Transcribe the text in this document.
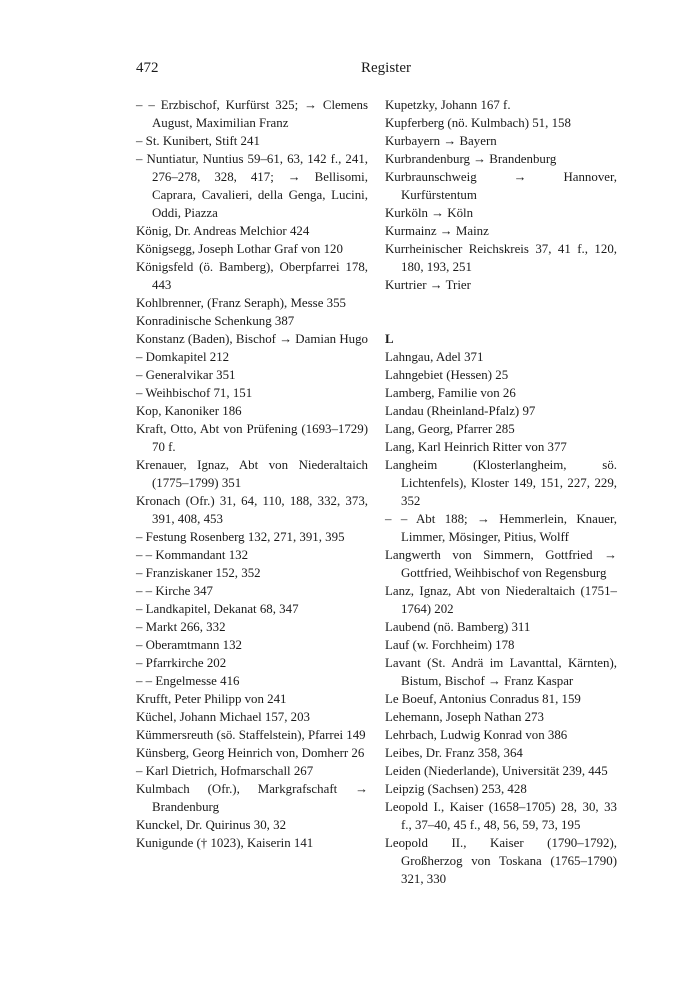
472	Register

– – Erzbischof, Kurfürst 325; → Clemens August, Maximilian Franz

– St. Kunibert, Stift 241

– Nuntiatur, Nuntius 59–61, 63, 142 f., 241, 276–278, 328, 417; → Bellisomi, Caprara, Cavalieri, della Genga, Lucini, Oddi, Piazza

König, Dr. Andreas Melchior 424

Königsegg, Joseph Lothar Graf von 120

Königsfeld (ö. Bamberg), Oberpfarrei 178, 443

Kohlbrenner, (Franz Seraph), Messe 355

Konradinische Schenkung 387

Konstanz (Baden), Bischof → Damian Hugo

– Domkapitel 212

– Generalvikar 351

– Weihbischof 71, 151

Kop, Kanoniker 186

Kraft, Otto, Abt von Prüfening (1693–1729) 70 f.

Krenauer, Ignaz, Abt von Niederaltaich (1775–1799) 351

Kronach (Ofr.) 31, 64, 110, 188, 332, 373, 391, 408, 453

– Festung Rosenberg 132, 271, 391, 395

– – Kommandant 132

– Franziskaner 152, 352

– – Kirche 347

– Landkapitel, Dekanat 68, 347

– Markt 266, 332

– Oberamtmann 132

– Pfarrkirche 202

– – Engelmesse 416

Krufft, Peter Philipp von 241

Küchel, Johann Michael 157, 203

Kümmersreuth (sö. Staffelstein), Pfarrei 149

Künsberg, Georg Heinrich von, Domherr 26

– Karl Dietrich, Hofmarschall 267

Kulmbach (Ofr.), Markgrafschaft → Brandenburg

Kunckel, Dr. Quirinus 30, 32

Kunigunde († 1023), Kaiserin 141

Kupetzky, Johann 167 f.

Kupferberg (nö. Kulmbach) 51, 158

Kurbayern → Bayern

Kurbrandenburg → Brandenburg

Kurbraunschweig → Hannover, Kurfürstentum

Kurköln → Köln

Kurmainz → Mainz

Kurrheinischer Reichskreis 37, 41 f., 120, 180, 193, 251

Kurtrier → Trier

L

Lahngau, Adel 371

Lahngebiet (Hessen) 25

Lamberg, Familie von 26

Landau (Rheinland-Pfalz) 97

Lang, Georg, Pfarrer 285

Lang, Karl Heinrich Ritter von 377

Langheim (Klosterlangheim, sö. Lichtenfels), Kloster 149, 151, 227, 229, 352

– – Abt 188; → Hemmerlein, Knauer, Limmer, Mösinger, Pitius, Wolff

Langwerth von Simmern, Gottfried → Gottfried, Weihbischof von Regensburg

Lanz, Ignaz, Abt von Niederaltaich (1751–1764) 202

Laubend (nö. Bamberg) 311

Lauf (w. Forchheim) 178

Lavant (St. Andrä im Lavanttal, Kärnten), Bistum, Bischof → Franz Kaspar

Le Boeuf, Antonius Conradus 81, 159

Lehemann, Joseph Nathan 273

Lehrbach, Ludwig Konrad von 386

Leibes, Dr. Franz 358, 364

Leiden (Niederlande), Universität 239, 445

Leipzig (Sachsen) 253, 428

Leopold I., Kaiser (1658–1705) 28, 30, 33 f., 37–40, 45 f., 48, 56, 59, 73, 195

Leopold II., Kaiser (1790–1792), Großherzog von Toskana (1765–1790) 321, 330
